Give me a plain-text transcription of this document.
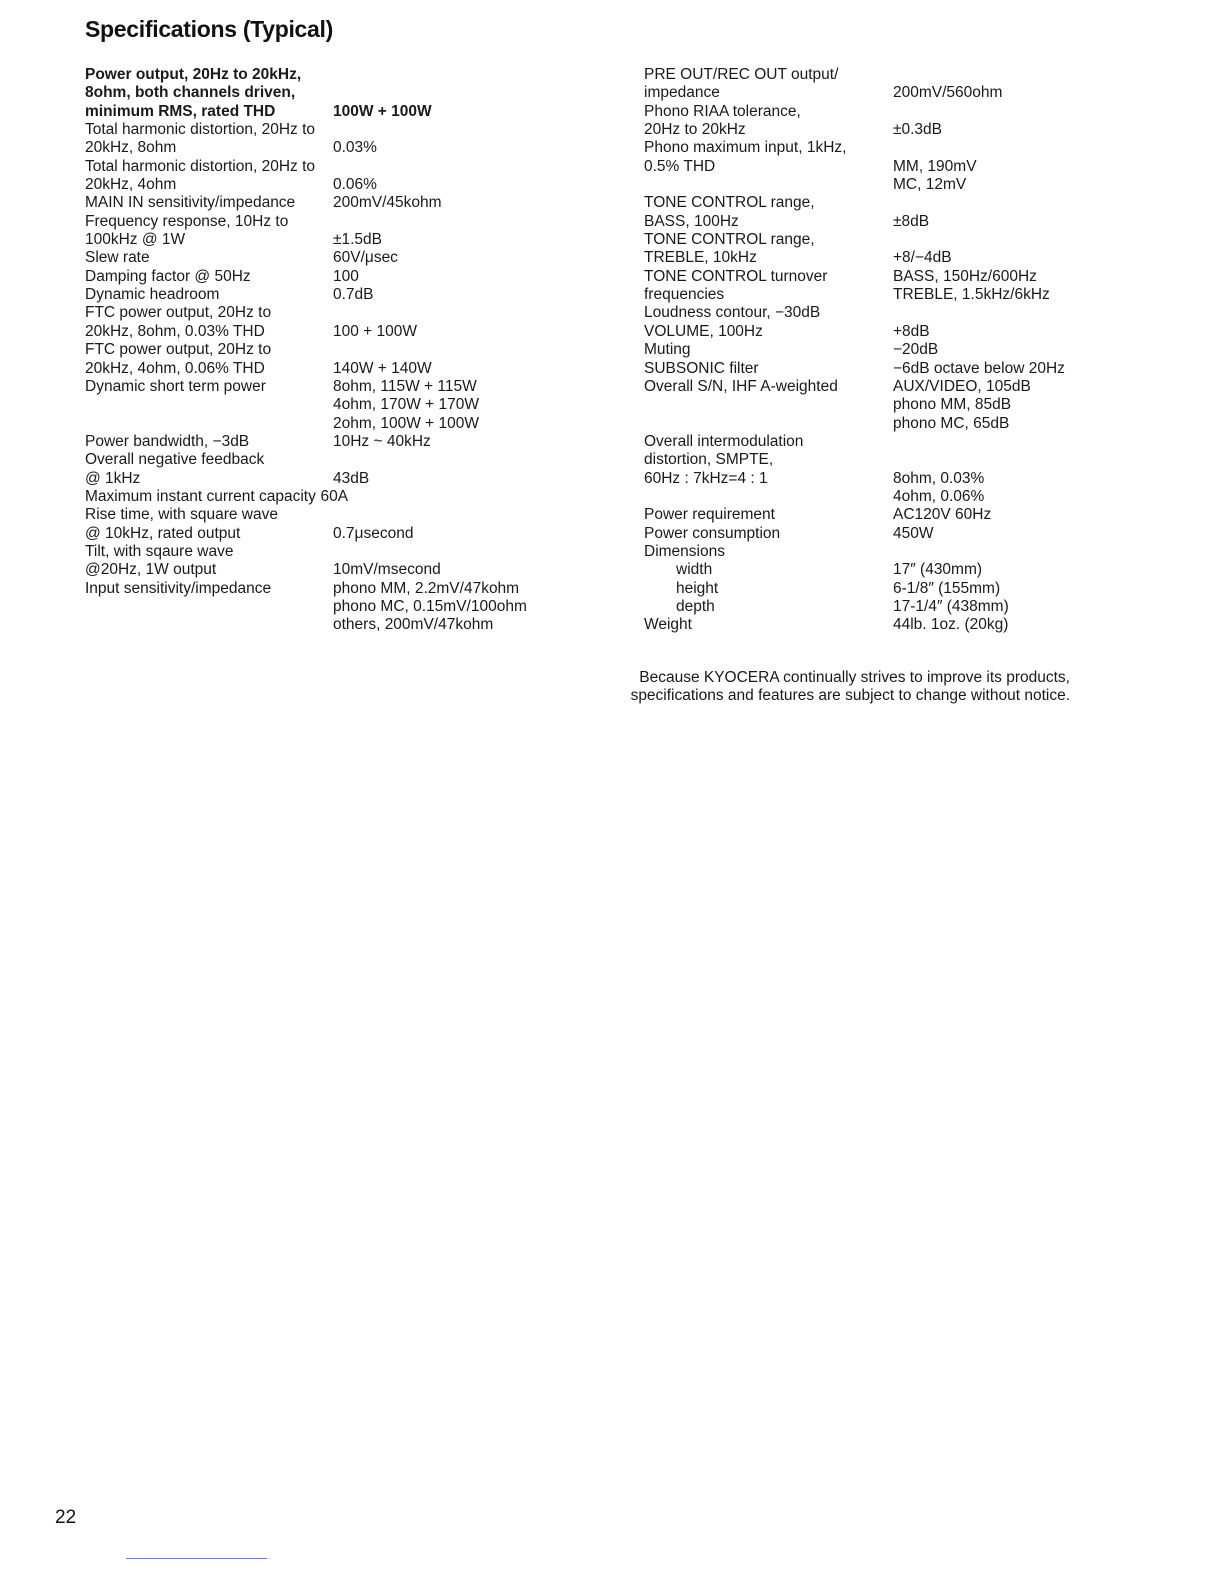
Specifications (Typical)
Power output, 20Hz to 20kHz,
8ohm, both channels driven,
minimum RMS, rated THD	100W + 100W
Total harmonic distortion, 20Hz to
20kHz, 8ohm	0.03%
Total harmonic distortion, 20Hz to
20kHz, 4ohm	0.06%
MAIN IN sensitivity/impedance	200mV/45kohm
Frequency response, 10Hz to
100kHz @ 1W	±1.5dB
Slew rate	60V/μsec
Damping factor @ 50Hz	100
Dynamic headroom	0.7dB
FTC power output, 20Hz to
20kHz, 8ohm, 0.03% THD	100 + 100W
FTC power output, 20Hz to
20kHz, 4ohm, 0.06% THD	140W + 140W
Dynamic short term power	8ohm, 115W + 115W

4ohm, 170W + 170W

2ohm, 100W + 100W
Power bandwidth, −3dB	10Hz ~ 40kHz
Overall negative feedback
@ 1kHz	43dB
Maximum instant current capacity 60A
Rise time, with square wave
@ 10kHz, rated output	0.7μsecond
Tilt, with sqaure wave
@20Hz, 1W output	10mV/msecond
Input sensitivity/impedance	phono MM, 2.2mV/47kohm

phono MC, 0.15mV/100ohm

others, 200mV/47kohm
PRE OUT/REC OUT output/
impedance	200mV/560ohm
Phono RIAA tolerance,
20Hz to 20kHz	±0.3dB
Phono maximum input, 1kHz,
0.5% THD	MM, 190mV

MC, 12mV
TONE CONTROL range,
BASS, 100Hz	±8dB
TONE CONTROL range,
TREBLE, 10kHz	+8/−4dB
TONE CONTROL turnover	BASS, 150Hz/600Hz
frequencies	TREBLE, 1.5kHz/6kHz
Loudness contour, −30dB
VOLUME, 100Hz	+8dB
Muting	−20dB
SUBSONIC filter	−6dB octave below 20Hz
Overall S/N, IHF A-weighted	AUX/VIDEO, 105dB

phono MM, 85dB

phono MC, 65dB
Overall intermodulation
distortion, SMPTE,
60Hz : 7kHz=4 : 1	8ohm, 0.03%

4ohm, 0.06%
Power requirement	AC120V 60Hz
Power consumption	450W
Dimensions
width	17″ (430mm)
height	6-1/8″ (155mm)
depth	17-1/4″ (438mm)
Weight	44lb. 1oz. (20kg)
Because KYOCERA continually strives to improve its products,
specifications and features are subject to change without notice.
22
